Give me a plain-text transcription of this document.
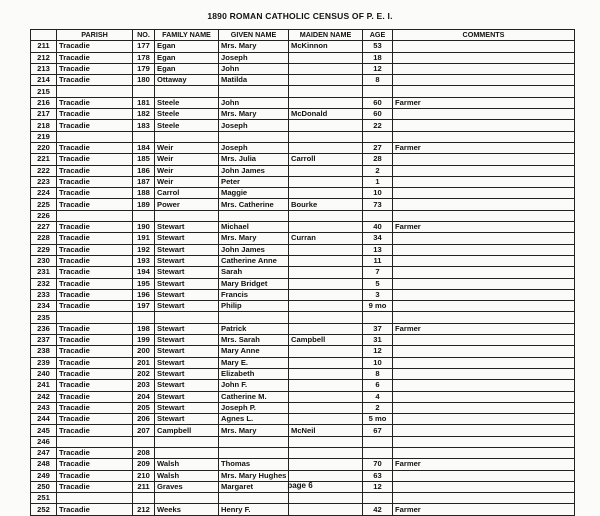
1890 ROMAN CATHOLIC CENSUS OF P. E. I.
	PARISH	NO.	FAMILY NAME	GIVEN NAME	MAIDEN NAME	AGE	COMMENTS
211	Tracadie	177	Egan	Mrs. Mary	McKinnon	53	
212	Tracadie	178	Egan	Joseph		18	
213	Tracadie	179	Egan	John		12	
214	Tracadie	180	Ottaway	Matilda		8	
215							
216	Tracadie	181	Steele	John		60	Farmer
217	Tracadie	182	Steele	Mrs. Mary	McDonald	60	
218	Tracadie	183	Steele	Joseph		22	
219							
220	Tracadie	184	Weir	Joseph		27	Farmer
221	Tracadie	185	Weir	Mrs. Julia	Carroll	28	
222	Tracadie	186	Weir	John James		2	
223	Tracadie	187	Weir	Peter		1	
224	Tracadie	188	Carrol	Maggie		10	
225	Tracadie	189	Power	Mrs. Catherine	Bourke	73	
226							
227	Tracadie	190	Stewart	Michael		40	Farmer
228	Tracadie	191	Stewart	Mrs. Mary	Curran	34	
229	Tracadie	192	Stewart	John James		13	
230	Tracadie	193	Stewart	Catherine Anne		11	
231	Tracadie	194	Stewart	Sarah		7	
232	Tracadie	195	Stewart	Mary Bridget		5	
233	Tracadie	196	Stewart	Francis		3	
234	Tracadie	197	Stewart	Philip		9 mo	
235							
236	Tracadie	198	Stewart	Patrick		37	Farmer
237	Tracadie	199	Stewart	Mrs. Sarah	Campbell	31	
238	Tracadie	200	Stewart	Mary Anne		12	
239	Tracadie	201	Stewart	Mary E.		10	
240	Tracadie	202	Stewart	Elizabeth		8	
241	Tracadie	203	Stewart	John F.		6	
242	Tracadie	204	Stewart	Catherine M.		4	
243	Tracadie	205	Stewart	Joseph P.		2	
244	Tracadie	206	Stewart	Agnes L.		5 mo	
245	Tracadie	207	Campbell	Mrs. Mary	McNeil	67	
246							
247	Tracadie	208					
248	Tracadie	209	Walsh	Thomas		70	Farmer
249	Tracadie	210	Walsh	Mrs. Mary Hughes		63	
250	Tracadie	211	Graves	Margaret		12	
251							
252	Tracadie	212	Weeks	Henry F.		42	Farmer
page 6
